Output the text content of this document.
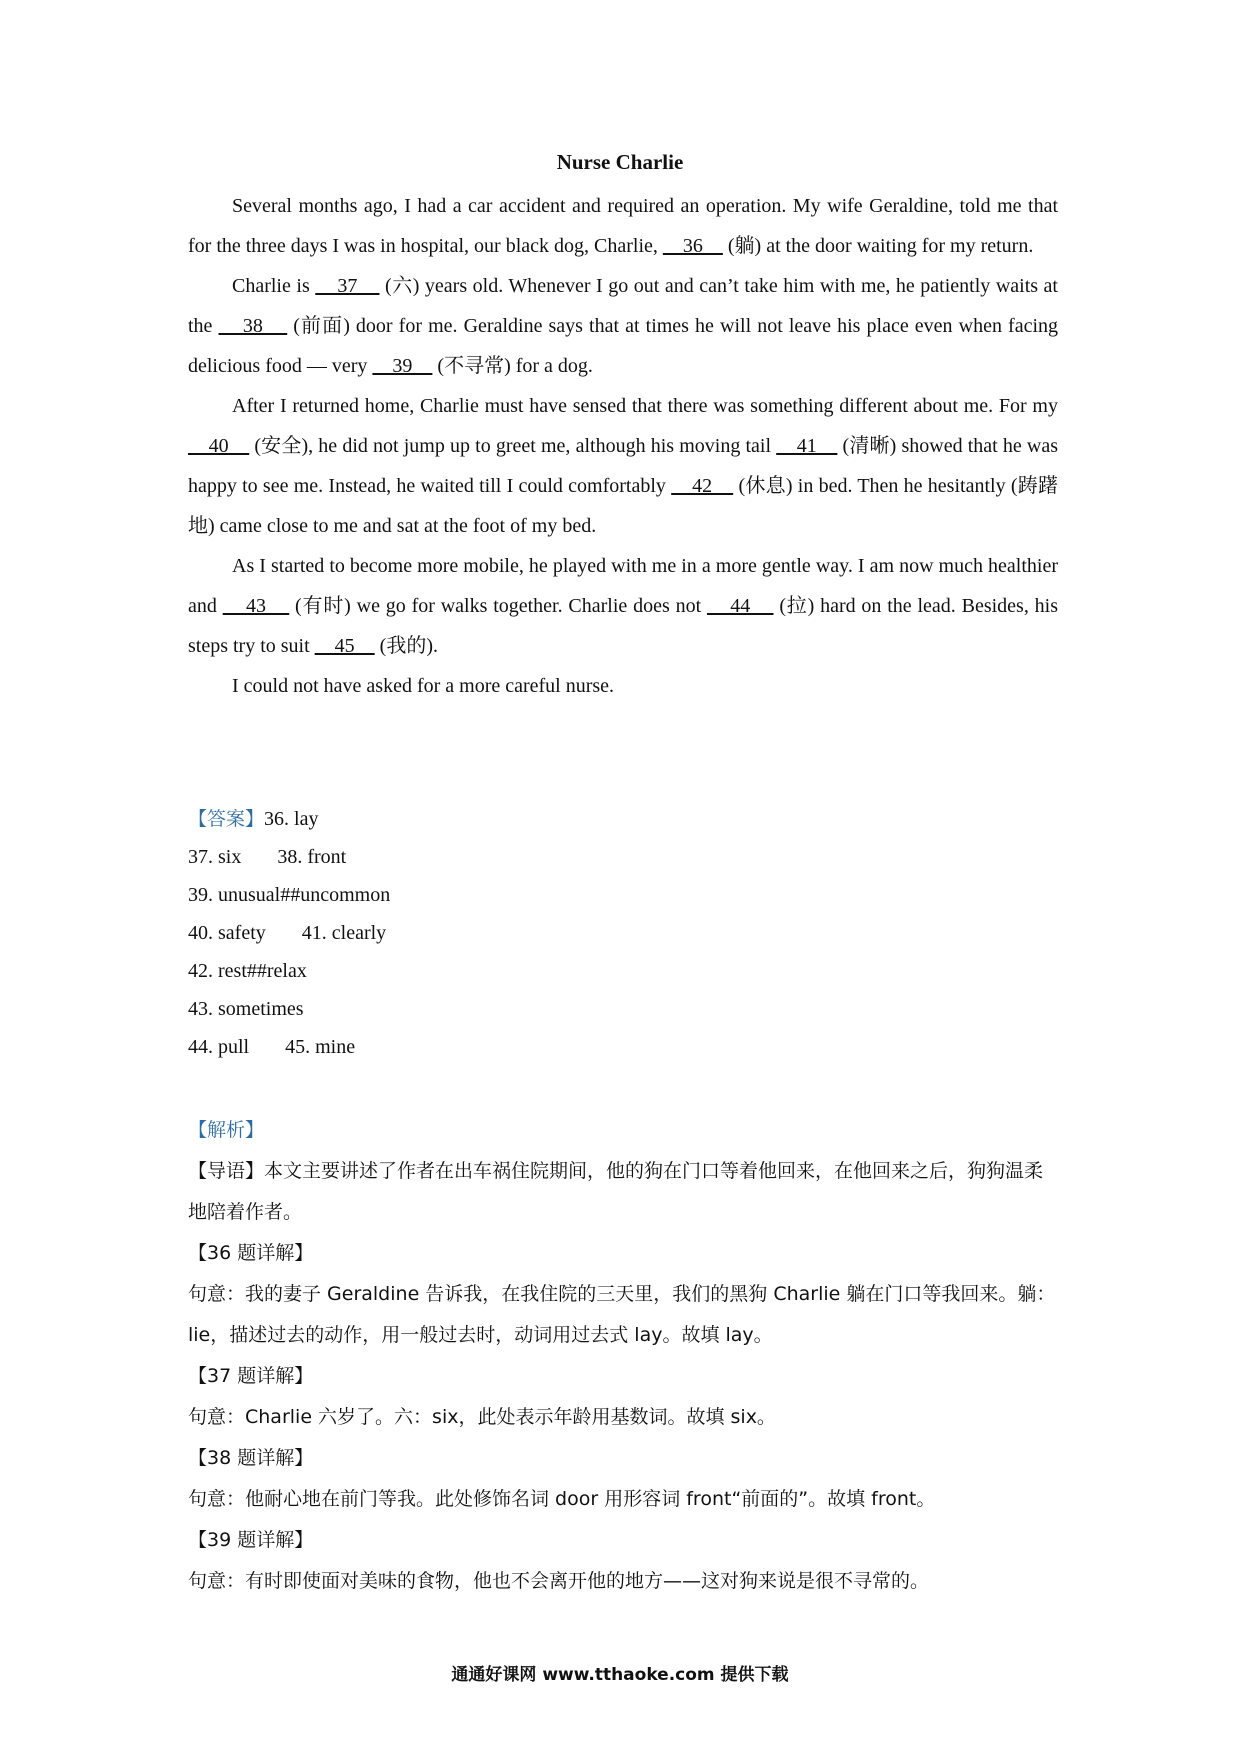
Nurse Charlie

Several months ago, I had a car accident and required an operation. My wife Geraldine, told me that for the three days I was in hospital, our black dog, Charlie,     36     (躺) at the door waiting for my return.

Charlie is     37     (六) years old. Whenever I go out and can’t take him with me, he patiently waits at the     38     (前面) door for me. Geraldine says that at times he will not leave his place even when facing delicious food — very     39     (不寻常) for a dog.

After I returned home, Charlie must have sensed that there was something different about me. For my     40     (安全), he did not jump up to greet me, although his moving tail     41     (清晰) showed that he was happy to see me. Instead, he waited till I could comfortably     42     (休息) in bed. Then he hesitantly (踌躇地) came close to me and sat at the foot of my bed.

As I started to become more mobile, he played with me in a more gentle way. I am now much healthier and     43     (有时) we go for walks together. Charlie does not     44     (拉) hard on the lead. Besides, his steps try to suit     45     (我的).

I could not have asked for a more careful nurse.

【答案】36. lay
37. six 38. front
39. unusual##uncommon
40. safety 41. clearly
42. rest##relax
43. sometimes
44. pull 45. mine
【解析】
【导语】本文主要讲述了作者在出车祸住院期间，他的狗在门口等着他回来，在他回来之后，狗狗温柔地陪着作者。
【36 题详解】
句意：我的妻子 Geraldine 告诉我，在我住院的三天里，我们的黑狗 Charlie 躺在门口等我回来。躺：lie，描述过去的动作，用一般过去时，动词用过去式 lay。故填 lay。
【37 题详解】
句意：Charlie 六岁了。六：six，此处表示年龄用基数词。故填 six。
【38 题详解】
句意：他耐心地在前门等我。此处修饰名词 door 用形容词 front“前面的”。故填 front。
【39 题详解】
句意：有时即使面对美味的食物，他也不会离开他的地方——这对狗来说是很不寻常的。
通通好课网 www.tthaoke.com 提供下载
